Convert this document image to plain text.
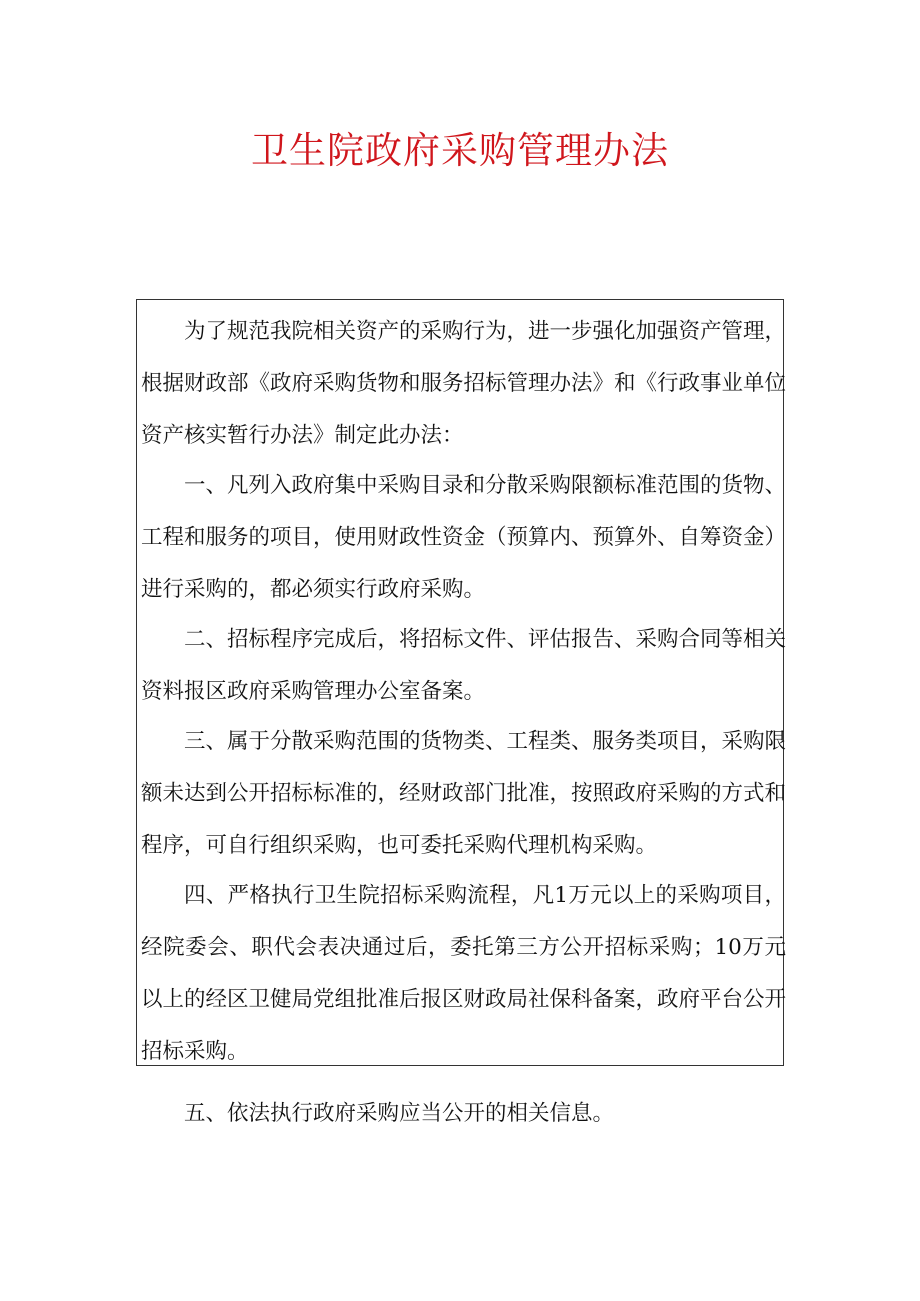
卫生院政府采购管理办法

为了规范我院相关资产的采购行为，进一步强化加强资产管理，根据财政部《政府采购货物和服务招标管理办法》和《行政事业单位资产核实暂行办法》制定此办法：

一、凡列入政府集中采购目录和分散采购限额标准范围的货物、工程和服务的项目，使用财政性资金（预算内、预算外、自筹资金）进行采购的，都必须实行政府采购。

二、招标程序完成后，将招标文件、评估报告、采购合同等相关资料报区政府采购管理办公室备案。

三、属于分散采购范围的货物类、工程类、服务类项目，采购限额未达到公开招标标准的，经财政部门批准，按照政府采购的方式和程序，可自行组织采购，也可委托采购代理机构采购。

四、严格执行卫生院招标采购流程，凡1万元以上的采购项目，经院委会、职代会表决通过后，委托第三方公开招标采购；10万元以上的经区卫健局党组批准后报区财政局社保科备案，政府平台公开招标采购。

五、依法执行政府采购应当公开的相关信息。
